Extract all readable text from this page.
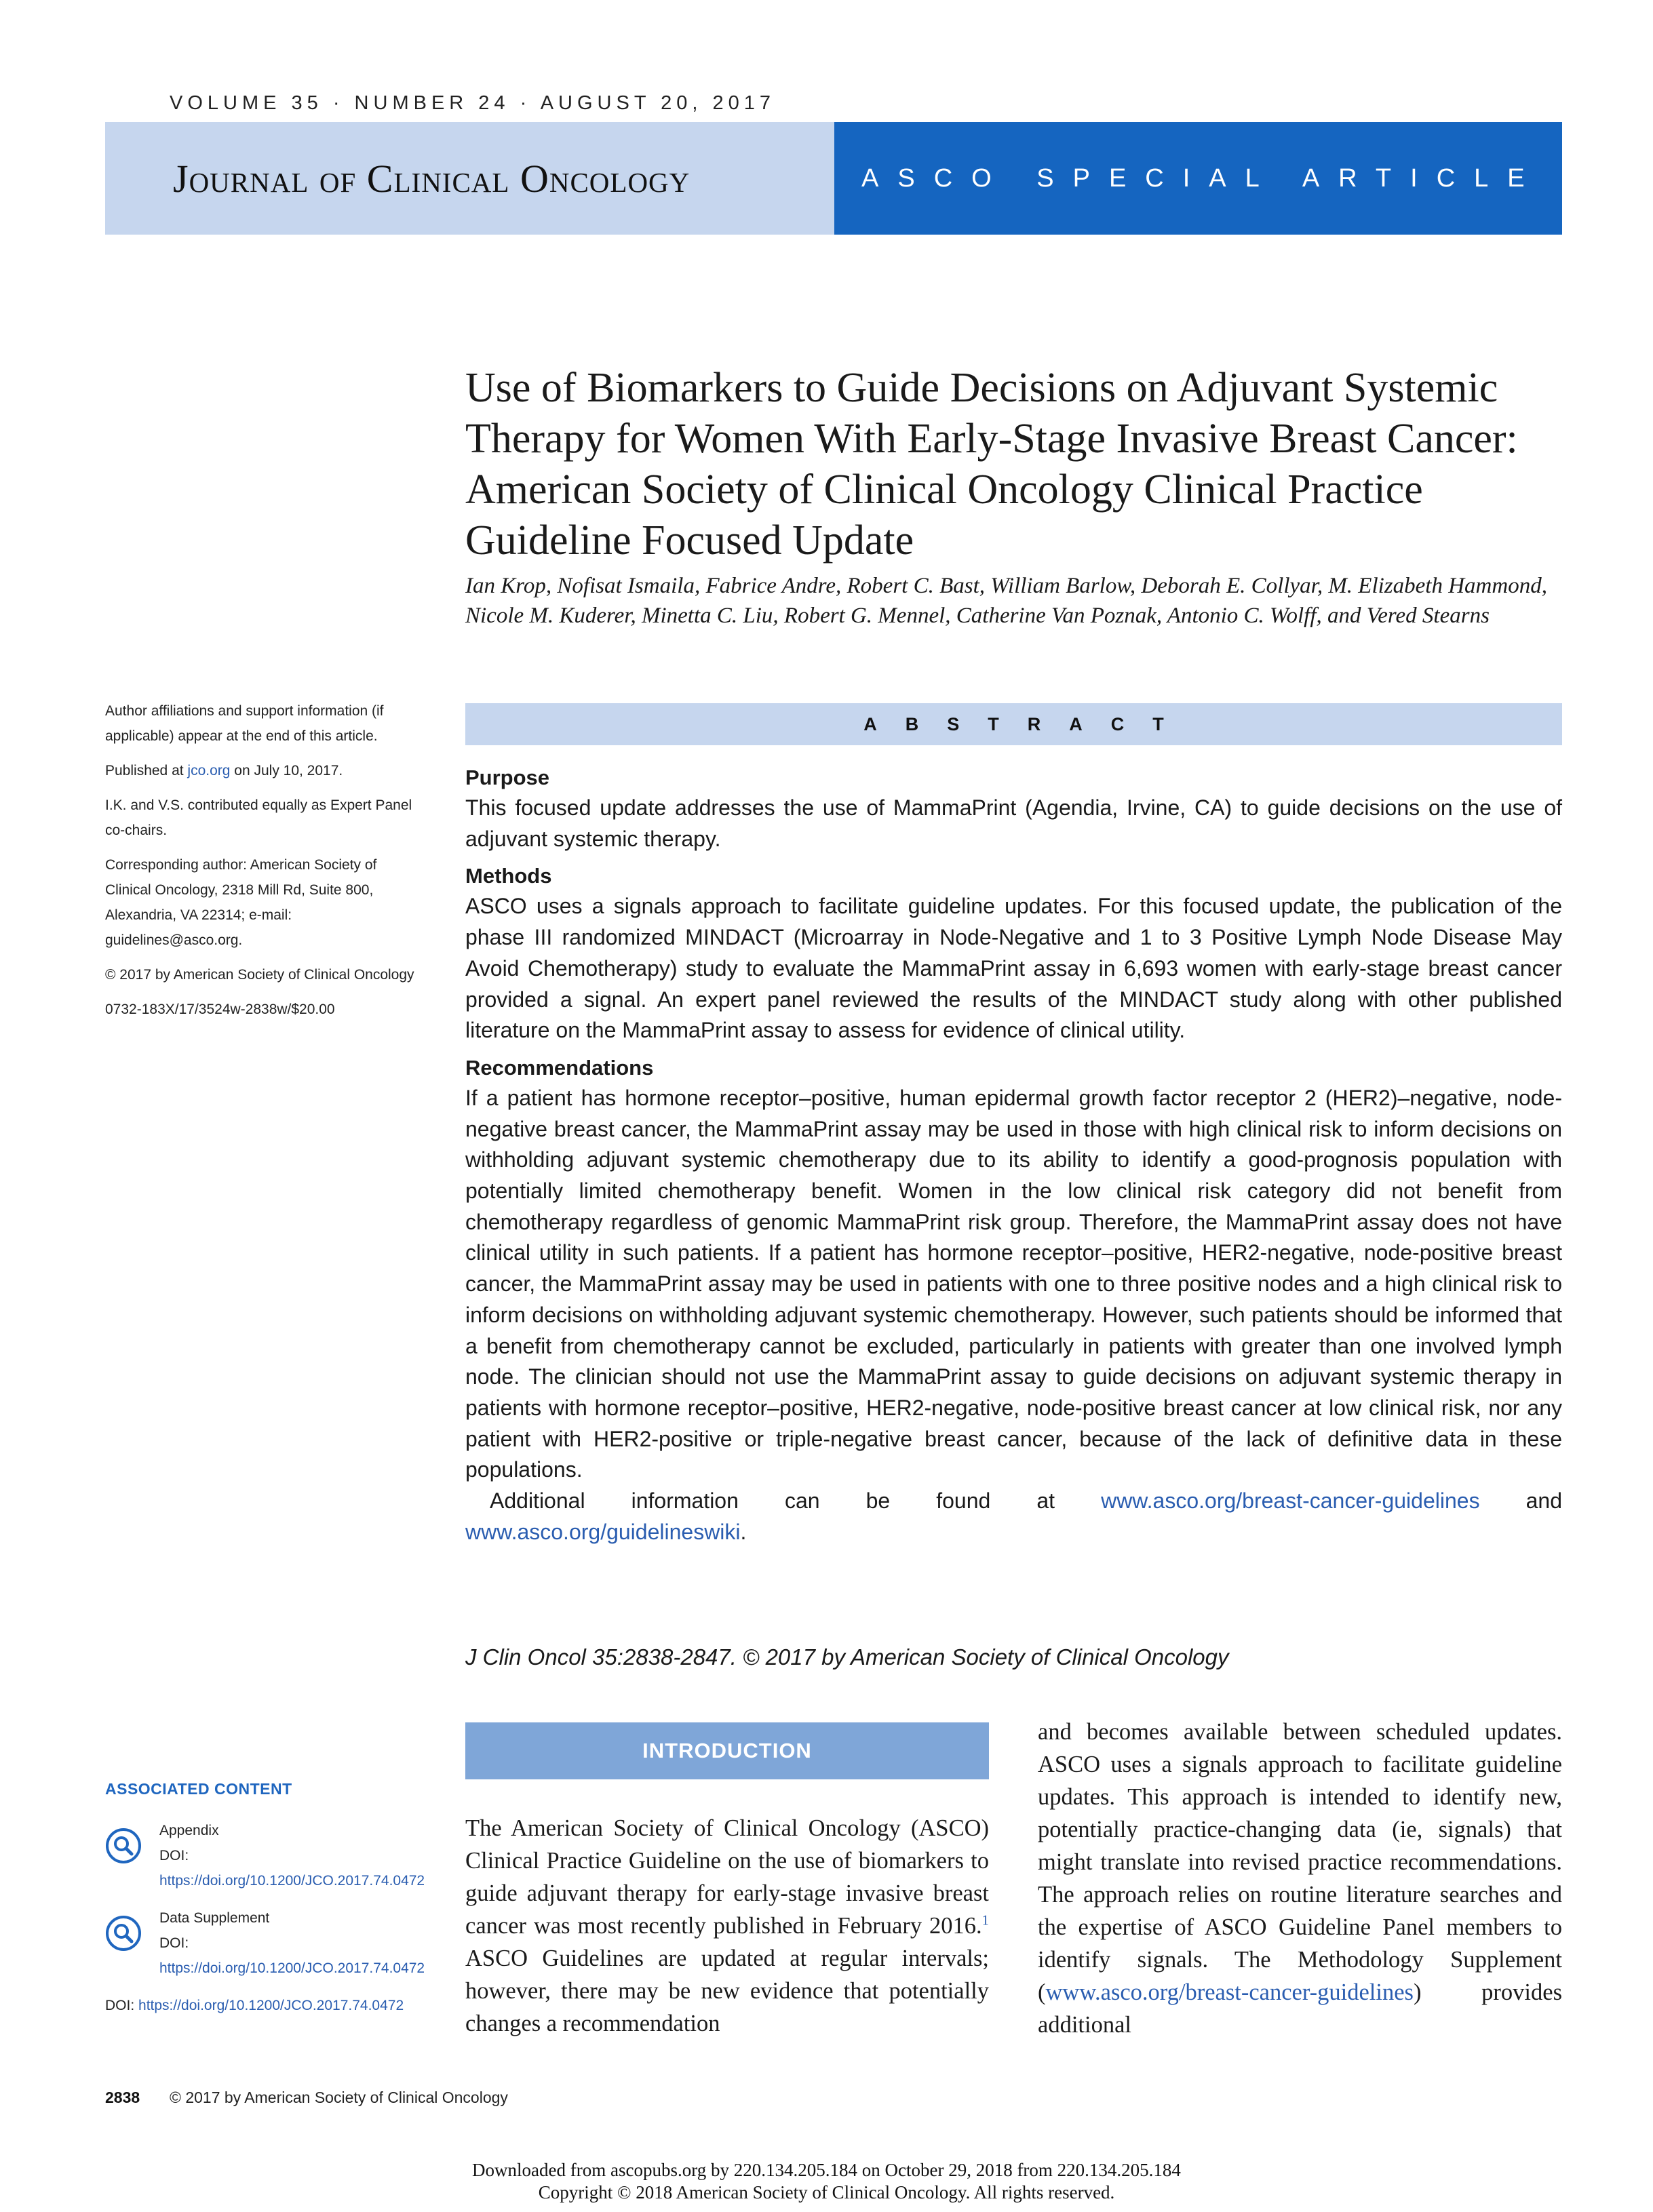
VOLUME 35 · NUMBER 24 · AUGUST 20, 2017
Journal of Clinical Oncology	ASCO SPECIAL ARTICLE
Use of Biomarkers to Guide Decisions on Adjuvant Systemic Therapy for Women With Early-Stage Invasive Breast Cancer: American Society of Clinical Oncology Clinical Practice Guideline Focused Update
Ian Krop, Nofisat Ismaila, Fabrice Andre, Robert C. Bast, William Barlow, Deborah E. Collyar, M. Elizabeth Hammond, Nicole M. Kuderer, Minetta C. Liu, Robert G. Mennel, Catherine Van Poznak, Antonio C. Wolff, and Vered Stearns

Author affiliations and support information (if applicable) appear at the end of this article.

Published at jco.org on July 10, 2017.

I.K. and V.S. contributed equally as Expert Panel co-chairs.

Corresponding author: American Society of Clinical Oncology, 2318 Mill Rd, Suite 800, Alexandria, VA 22314; e-mail: guidelines@asco.org.

© 2017 by American Society of Clinical Oncology

0732-183X/17/3524w-2838w/$20.00

ABSTRACT
Purpose

This focused update addresses the use of MammaPrint (Agendia, Irvine, CA) to guide decisions on the use of adjuvant systemic therapy.

Methods

ASCO uses a signals approach to facilitate guideline updates. For this focused update, the publication of the phase III randomized MINDACT (Microarray in Node-Negative and 1 to 3 Positive Lymph Node Disease May Avoid Chemotherapy) study to evaluate the MammaPrint assay in 6,693 women with early-stage breast cancer provided a signal. An expert panel reviewed the results of the MINDACT study along with other published literature on the MammaPrint assay to assess for evidence of clinical utility.

Recommendations

If a patient has hormone receptor–positive, human epidermal growth factor receptor 2 (HER2)–negative, node-negative breast cancer, the MammaPrint assay may be used in those with high clinical risk to inform decisions on withholding adjuvant systemic chemotherapy due to its ability to identify a good-prognosis population with potentially limited chemotherapy benefit. Women in the low clinical risk category did not benefit from chemotherapy regardless of genomic MammaPrint risk group. Therefore, the MammaPrint assay does not have clinical utility in such patients. If a patient has hormone receptor–positive, HER2-negative, node-positive breast cancer, the MammaPrint assay may be used in patients with one to three positive nodes and a high clinical risk to inform decisions on withholding adjuvant systemic chemotherapy. However, such patients should be informed that a benefit from chemotherapy cannot be excluded, particularly in patients with greater than one involved lymph node. The clinician should not use the MammaPrint assay to guide decisions on adjuvant systemic therapy in patients with hormone receptor–positive, HER2-negative, node-positive breast cancer at low clinical risk, nor any patient with HER2-positive or triple-negative breast cancer, because of the lack of definitive data in these populations.

Additional information can be found at www.asco.org/breast-cancer-guidelines and www.asco.org/guidelineswiki.

J Clin Oncol 35:2838-2847. © 2017 by American Society of Clinical Oncology
INTRODUCTION
The American Society of Clinical Oncology (ASCO) Clinical Practice Guideline on the use of biomarkers to guide adjuvant therapy for early-stage invasive breast cancer was most recently published in February 2016.$^1$ ASCO Guidelines are updated at regular intervals; however, there may be new evidence that potentially changes a recommendation
and becomes available between scheduled updates. ASCO uses a signals approach to facilitate guideline updates. This approach is intended to identify new, potentially practice-changing data (ie, signals) that might translate into revised practice recommendations. The approach relies on routine literature searches and the expertise of ASCO Guideline Panel members to identify signals. The Methodology Supplement (www.asco.org/breast-cancer-guidelines) provides additional
ASSOCIATED CONTENT
Appendix
DOI: https://doi.org/10.1200/JCO.2017.74.0472
Data Supplement
DOI: https://doi.org/10.1200/JCO.2017.74.0472
DOI: https://doi.org/10.1200/JCO.2017.74.0472
2838 © 2017 by American Society of Clinical Oncology
Downloaded from ascopubs.org by 220.134.205.184 on October 29, 2018 from 220.134.205.184
Copyright © 2018 American Society of Clinical Oncology. All rights reserved.
